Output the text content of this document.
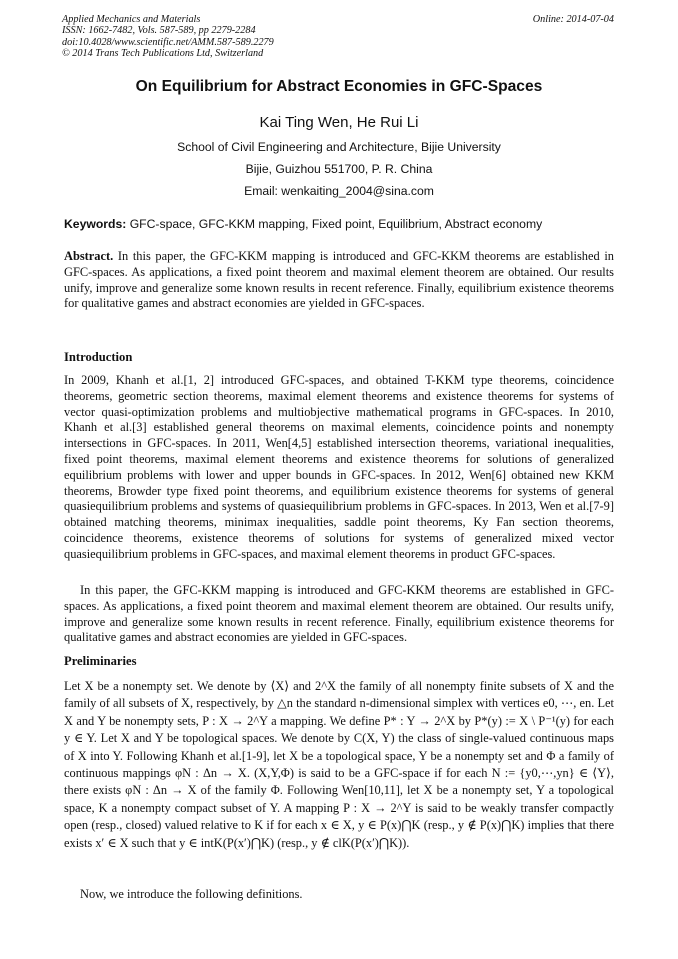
Applied Mechanics and Materials
ISSN: 1662-7482, Vols. 587-589, pp 2279-2284
doi:10.4028/www.scientific.net/AMM.587-589.2279
© 2014 Trans Tech Publications Ltd, Switzerland
Online: 2014-07-04
On Equilibrium for Abstract Economies in GFC-Spaces
Kai Ting Wen, He Rui Li
School of Civil Engineering and Architecture, Bijie University
Bijie, Guizhou 551700, P. R. China
Email: wenkaiting_2004@sina.com
Keywords: GFC-space, GFC-KKM mapping, Fixed point, Equilibrium, Abstract economy
Abstract. In this paper, the GFC-KKM mapping is introduced and GFC-KKM theorems are established in GFC-spaces. As applications, a fixed point theorem and maximal element theorem are obtained. Our results unify, improve and generalize some known results in recent reference. Finally, equilibrium existence theorems for qualitative games and abstract economies are yielded in GFC-spaces.
Introduction
In 2009, Khanh et al.[1, 2] introduced GFC-spaces, and obtained T-KKM type theorems, coincidence theorems, geometric section theorems, maximal element theorems and existence theorems for systems of vector quasi-optimization problems and multiobjective mathematical programs in GFC-spaces. In 2010, Khanh et al.[3] established general theorems on maximal elements, coincidence points and nonempty intersections in GFC-spaces. In 2011, Wen[4,5] established intersection theorems, variational inequalities, fixed point theorems, maximal element theorems and existence theorems for solutions of generalized equilibrium problems with lower and upper bounds in GFC-spaces. In 2012, Wen[6] obtained new KKM theorems, Browder type fixed point theorems, and equilibrium existence theorems for systems of general quasiequilibrium problems and systems of quasiequilibrium problems in GFC-spaces. In 2013, Wen et al.[7-9] obtained matching theorems, minimax inequalities, saddle point theorems, Ky Fan section theorems, coincidence theorems, existence theorems of solutions for systems of generalized mixed vector quasiequilibrium problems in GFC-spaces, and maximal element theorems in product GFC-spaces.
In this paper, the GFC-KKM mapping is introduced and GFC-KKM theorems are established in GFC-spaces. As applications, a fixed point theorem and maximal element theorem are obtained. Our results unify, improve and generalize some known results in recent reference. Finally, equilibrium existence theorems for qualitative games and abstract economies are yielded in GFC-spaces.
Preliminaries
Let X be a nonempty set. We denote by ⟨X⟩ and 2^X the family of all nonempty finite subsets of X and the family of all subsets of X, respectively, by △n the standard n-dimensional simplex with vertices e0, ⋯, en. Let X and Y be nonempty sets, P : X → 2^Y a mapping. We define P* : Y → 2^X by P*(y) := X \ P⁻¹(y) for each y ∈ Y. Let X and Y be topological spaces. We denote by C(X, Y) the class of single-valued continuous maps of X into Y. Following Khanh et al.[1-9], let X be a topological space, Y be a nonempty set and Φ a family of continuous mappings φN : Δn → X. (X,Y,Φ) is said to be a GFC-space if for each N := {y0,⋯,yn} ∈ ⟨Y⟩, there exists φN : Δn → X of the family Φ. Following Wen[10,11], let X be a nonempty set, Y a topological space, K a nonempty compact subset of Y. A mapping P : X → 2^Y is said to be weakly transfer compactly open (resp., closed) valued relative to K if for each x ∈ X, y ∈ P(x)⋂K (resp., y ∉ P(x)⋂K) implies that there exists x′ ∈ X such that y ∈ intK(P(x′)⋂K) (resp., y ∉ clK(P(x′)⋂K)).
Now, we introduce the following definitions.
